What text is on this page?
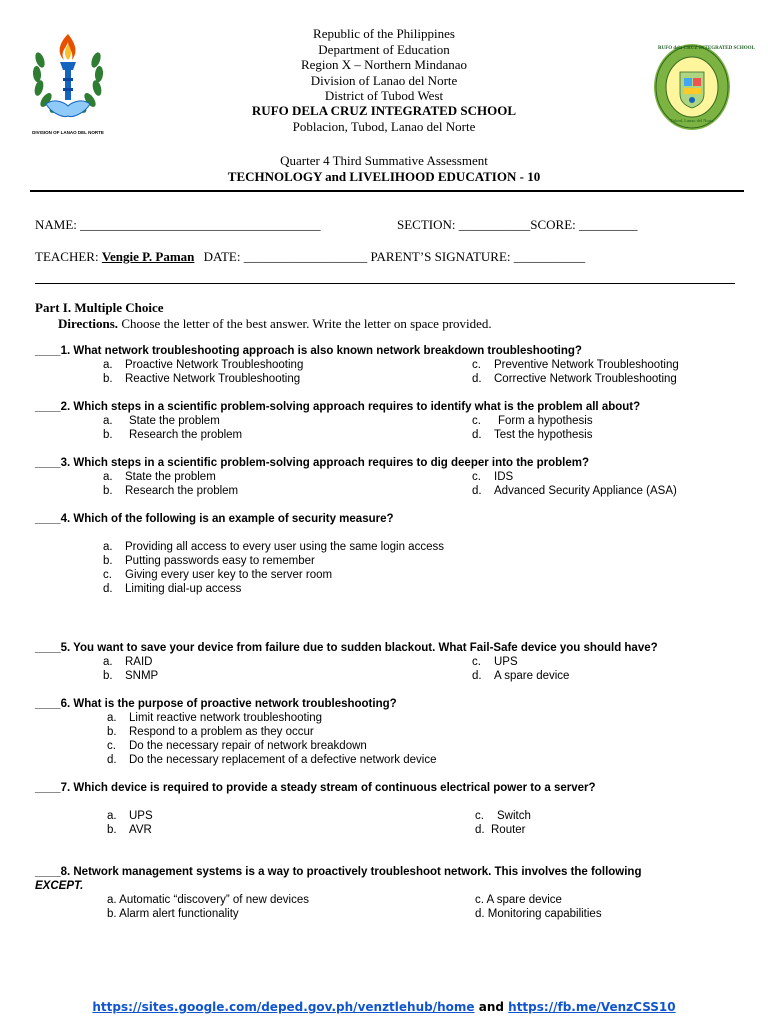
DIVISION OF LANAO DEL NORTE
RUFO dela CRUZ INTEGRATED SCHOOL
Tubod, Lanao del Norte
Republic of the Philippines
Department of Education
Region X – Northern Mindanao
Division of Lanao del Norte
District of Tubod West
RUFO DELA CRUZ INTEGRATED SCHOOL
Poblacion, Tubod, Lanao del Norte
Quarter 4 Third Summative Assessment
TECHNOLOGY and LIVELIHOOD EDUCATION - 10
NAME: _____________________________________	SECTION: ___________SCORE: _________
TEACHER: Vengie P. Paman DATE: ___________________ PARENT’S SIGNATURE: ___________
Part I. Multiple Choice
Directions. Choose the letter of the best answer. Write the letter on space provided.
____1. What network troubleshooting approach is also known network breakdown troubleshooting?
a. Proactive Network Troubleshooting	c. Preventive Network Troubleshooting
b. Reactive Network Troubleshooting	d. Corrective Network Troubleshooting
____2. Which steps in a scientific problem-solving approach requires to identify what is the problem all about?
a. State the problem	c. Form a hypothesis
b. Research the problem	d. Test the hypothesis
____3. Which steps in a scientific problem-solving approach requires to dig deeper into the problem?
a. State the problem	c. IDS
b. Research the problem	d. Advanced Security Appliance (ASA)
____4. Which of the following is an example of security measure?
a. Providing all access to every user using the same login access
b. Putting passwords easy to remember
c. Giving every user key to the server room
d. Limiting dial-up access
____5. You want to save your device from failure due to sudden blackout. What Fail-Safe device you should have?
a. RAID	c. UPS
b. SNMP	d. A spare device
____6. What is the purpose of proactive network troubleshooting?
a. Limit reactive network troubleshooting
b. Respond to a problem as they occur
c. Do the necessary repair of network breakdown
d. Do the necessary replacement of a defective network device
____7. Which device is required to provide a steady stream of continuous electrical power to a server?
a. UPS	c. Switch
b. AVR	d. Router
____8. Network management systems is a way to proactively troubleshoot network. This involves the following
EXCEPT.
a. Automatic “discovery” of new devices	c. A spare device
b. Alarm alert functionality	d. Monitoring capabilities
https://sites.google.com/deped.gov.ph/venztlehub/home and https://fb.me/VenzCSS10
